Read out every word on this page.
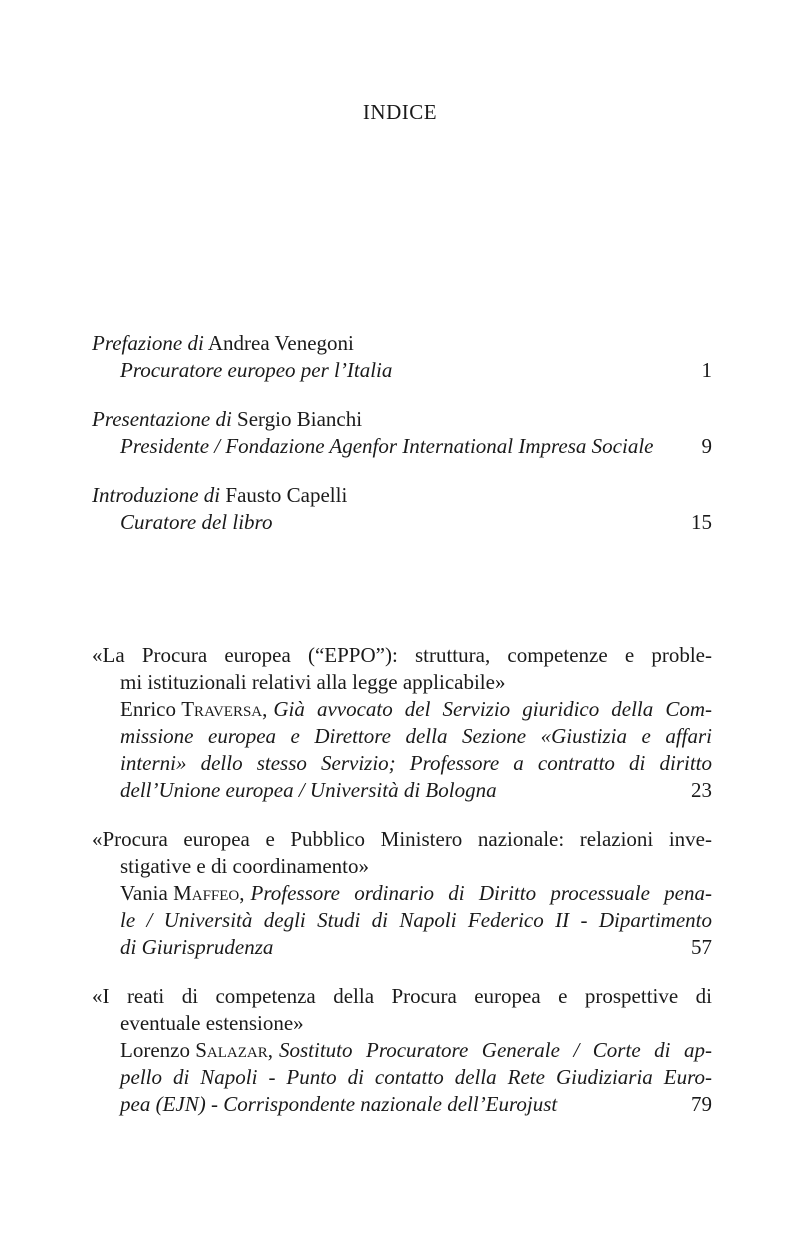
INDICE
Prefazione di Andrea Venegoni
Procuratore europeo per l’Italia	1
Presentazione di Sergio Bianchi
Presidente / Fondazione Agenfor International Impresa Sociale	9
Introduzione di Fausto Capelli
Curatore del libro	15
«La Procura europea (“EPPO”): struttura, competenze e proble-
mi istituzionali relativi alla legge applicabile»
Enrico Traversa, Già avvocato del Servizio giuridico della Com-
missione europea e Direttore della Sezione «Giustizia e affari
interni» dello stesso Servizio; Professore a contratto di diritto
dell’Unione europea / Università di Bologna	23
«Procura europea e Pubblico Ministero nazionale: relazioni inve-
stigative e di coordinamento»
Vania Maffeo, Professore ordinario di Diritto processuale pena-
le / Università degli Studi di Napoli Federico II - Dipartimento
di Giurisprudenza	57
«I reati di competenza della Procura europea e prospettive di
eventuale estensione»
Lorenzo Salazar, Sostituto Procuratore Generale / Corte di ap-
pello di Napoli - Punto di contatto della Rete Giudiziaria Euro-
pea (EJN) - Corrispondente nazionale dell’Eurojust	79
